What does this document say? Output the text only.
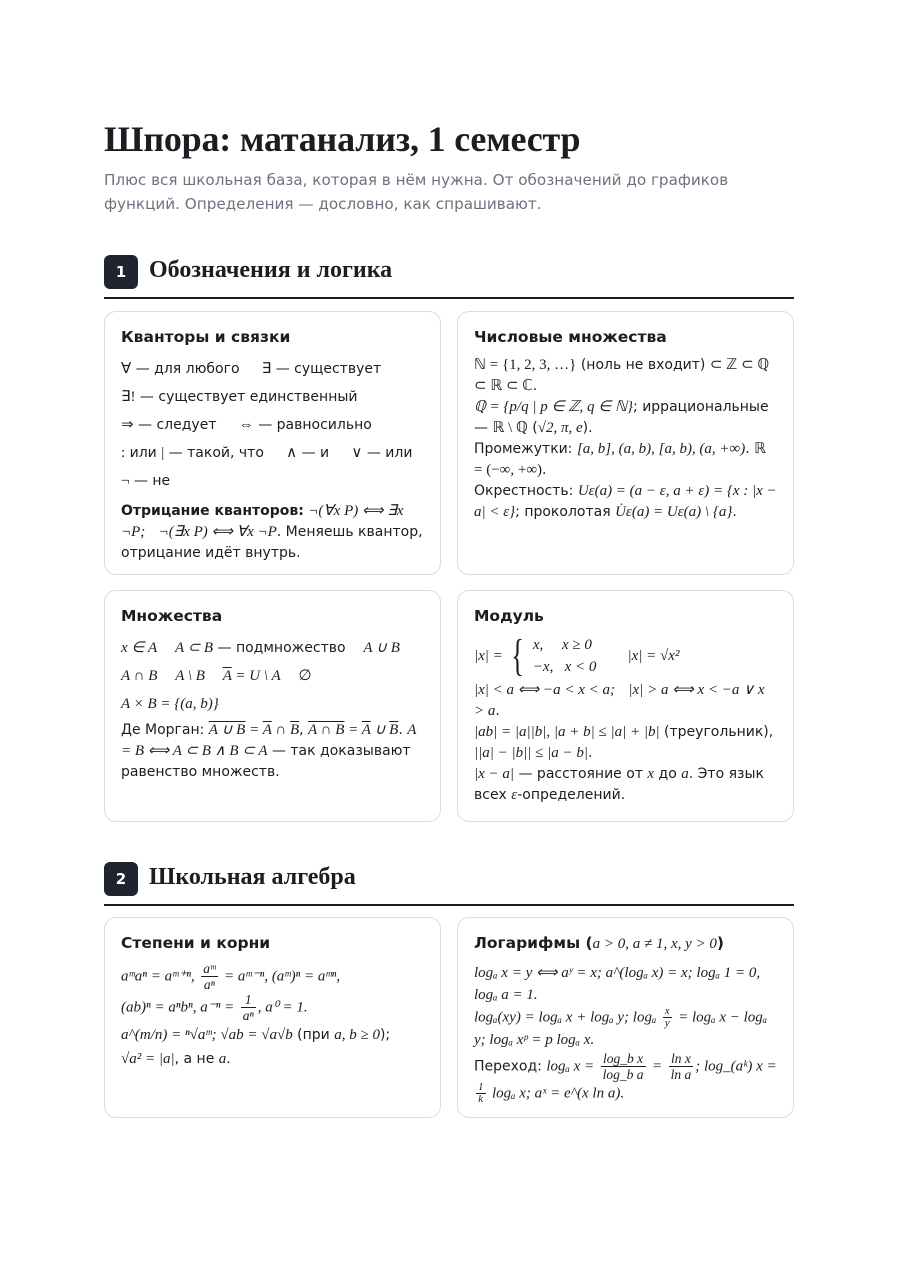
Шпора: матанализ, 1 семестр
Плюс вся школьная база, которая в нём нужна. От обозначений до графиков функций. Определения — дословно, как спрашивают.
1 Обозначения и логика
Кванторы и связки
∀ — для любого ∃ — существует
∃! — существует единственный
⇒ — следует ⇔ — равносильно
: или | — такой, что ∧ — и ∨ — или
¬ — не
Отрицание кванторов: ¬(∀x P) ⟺ ∃x ¬P; ¬(∃x P) ⟺ ∀x ¬P. Меняешь квантор, отрицание идёт внутрь.
Числовые множества
ℕ = {1, 2, 3, …} (ноль не входит) ⊂ ℤ ⊂ ℚ ⊂ ℝ ⊂ ℂ.
ℚ = {p/q | p ∈ ℤ, q ∈ ℕ}; иррациональные — ℝ \ ℚ (√2, π, e).
Промежутки: [a, b], (a, b), [a, b), (a, +∞). ℝ = (−∞, +∞).
Окрестность: Uε(a) = (a − ε, a + ε) = {x : |x − a| < ε}; проколотая U̇ε(a) = Uε(a) \ {a}.
Множества
x ∈ A A ⊂ B — подмножество A ∪ B
A ∩ B A \ B $\overline{A} = U$ \ A ∅
A × B = {(a, b)}
Де Морган: A ∪ $B = \overline{A}$ ∩ $\overline{B}$, A ∩ $B = \overline{A}$ ∪ $\overline{B}$. A = B ⟺ A ⊂ B ∧ B ⊂ A — так доказывают равенство множеств.
Модуль
|x| = { x, x ≥ 0
−x, x < 0
|x| = √x²
|x| < a ⟺ −a < x < a; |x| > a ⟺ x < −a ∨ x > a.
|ab| = |a||b|, |a + b| ≤ |a| + |b| (треугольник), ||a| − |b|| ≤ |a − b|.
|x − a| — расстояние от x до a. Это язык всех ε-определений.
2 Школьная алгебра
Степени и корни
aᵐaⁿ = aᵐ⁺ⁿ, $\frac{\text{aᵐ}}{\text{aⁿ}}$ = aᵐ⁻ⁿ, (aᵐ)ⁿ = aᵐⁿ,
(ab)ⁿ = aⁿbⁿ, $a^{-n} = \frac{1}{\text{aⁿ}}$ , a⁰ = 1.
a^(m/n) = ⁿ√aᵐ; √ab = √a√b (при a, b ≥ 0);
√a² = |a|, а не a.
Логарифмы (a > 0, a ≠ 1, x, y > 0)
logₐ x = y ⟺ aʸ = x; a^(logₐ x) = x; logₐ 1 = 0, logₐ a = 1.
logₐ(xy) = logₐ x + logₐ y; logₐ $\frac{x}{y} = \log_a$ x − logₐ y; logₐ xᵖ = p logₐ x.
Переход: logₐ $x = \frac{\text{log\_b x}}{\text{log\_b a}} = \frac{\text{ln x}}{\text{ln a}}$ ; log_(aᵏ) x =

$\frac{1}{k}$ logₐ x; aˣ = e^(x ln a).
